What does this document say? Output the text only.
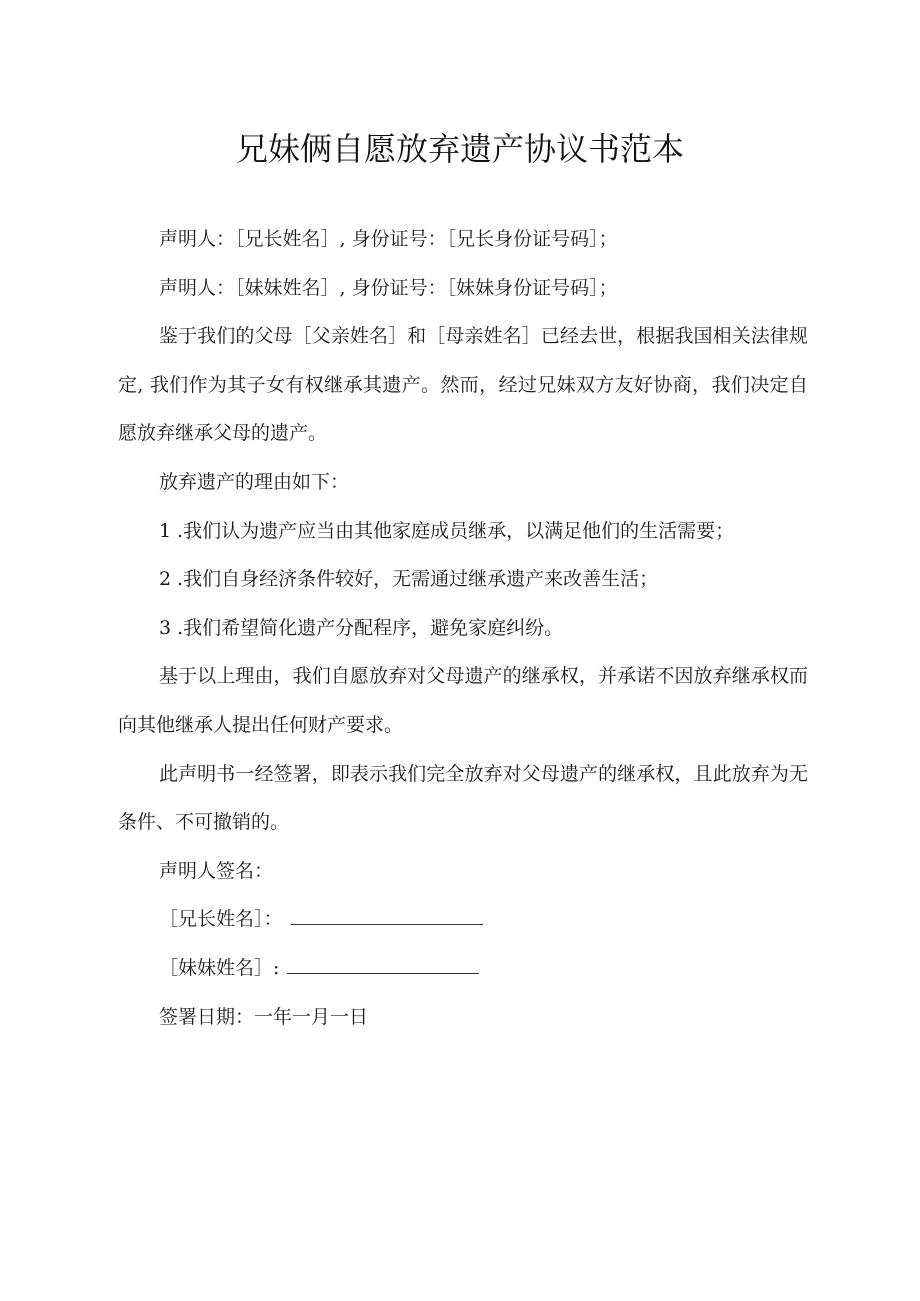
兄妹俩自愿放弃遗产协议书范本

声明人：［兄长姓名］, 身份证号：［兄长身份证号码］；

声明人：［妹妹姓名］, 身份证号：［妹妹身份证号码］；

鉴于我们的父母［父亲姓名］和［母亲姓名］已经去世，根据我国相关法律规定, 我们作为其子女有权继承其遗产。然而，经过兄妹双方友好协商，我们决定自愿放弃继承父母的遗产。

放弃遗产的理由如下：

1 .我们认为遗产应当由其他家庭成员继承，以满足他们的生活需要；

2 .我们自身经济条件较好，无需通过继承遗产来改善生活；

3 .我们希望简化遗产分配程序，避免家庭纠纷。

基于以上理由，我们自愿放弃对父母遗产的继承权，并承诺不因放弃继承权而向其他继承人提出任何财产要求。

此声明书一经签署，即表示我们完全放弃对父母遗产的继承权，且此放弃为无条件、不可撤销的。

声明人签名：

［兄长姓名］：

［妹妹姓名］:

签署日期：一年一月一日
